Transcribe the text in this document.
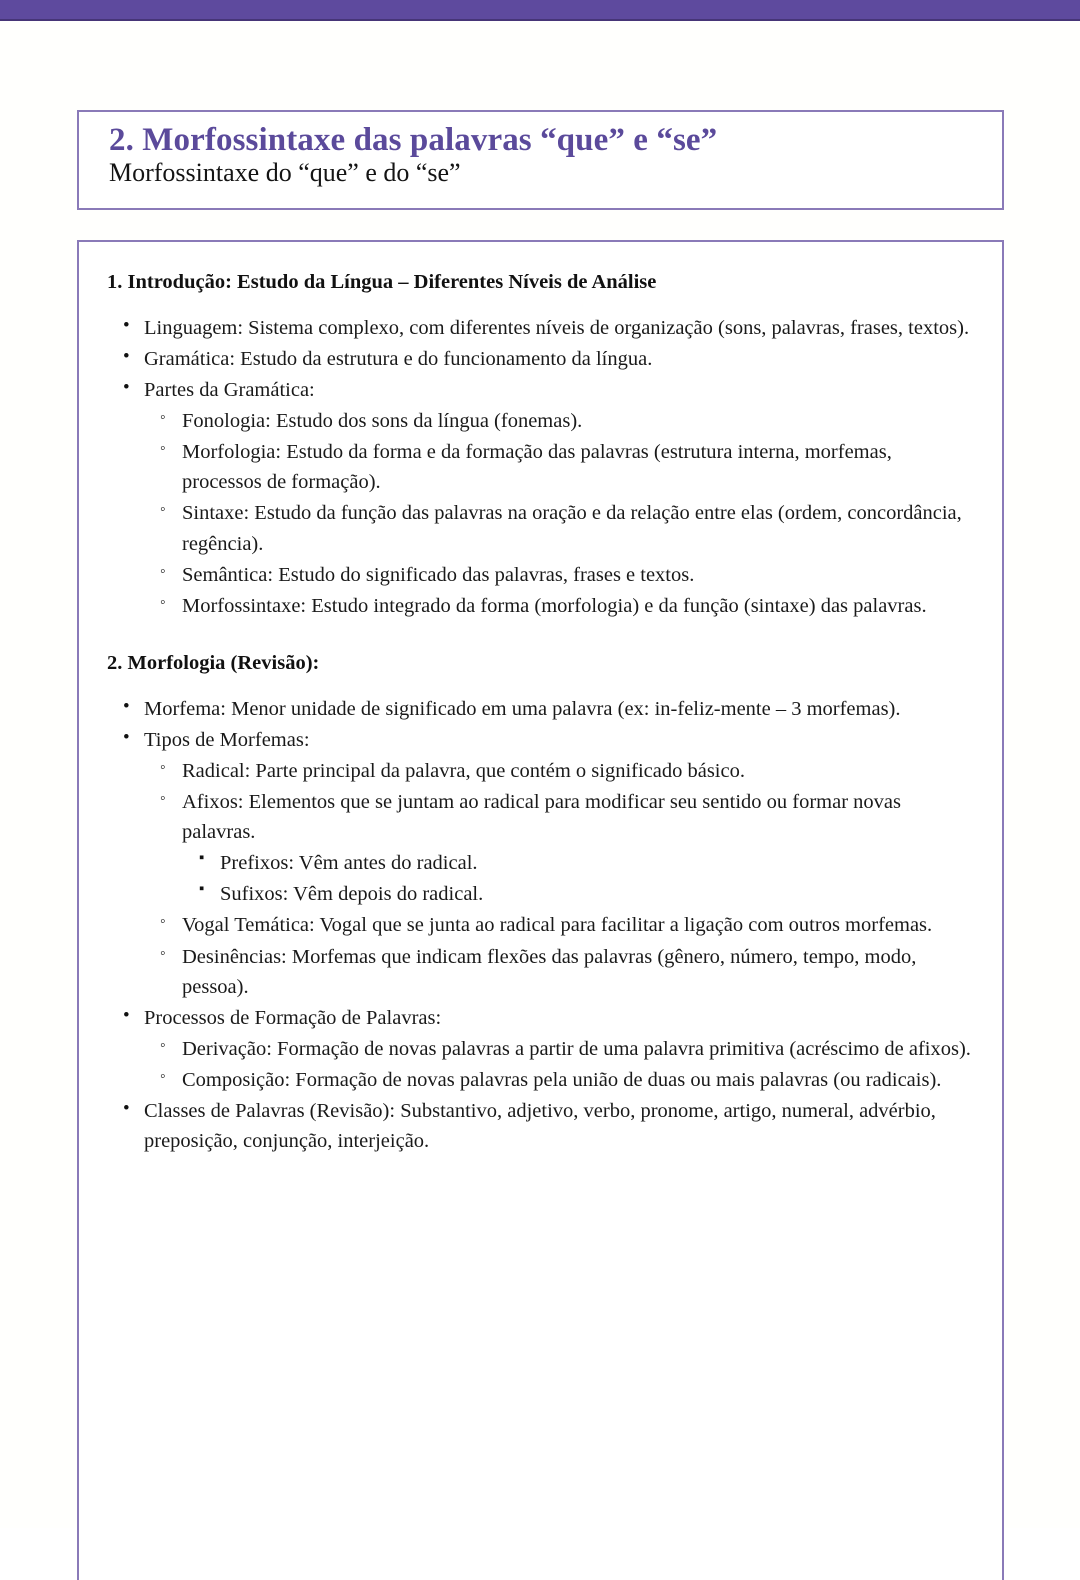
2. Morfossintaxe das palavras “que” e “se”
Morfossintaxe do “que” e do “se”
1. Introdução: Estudo da Língua – Diferentes Níveis de Análise
• Linguagem: Sistema complexo, com diferentes níveis de organização (sons, palavras, frases, textos).
• Gramática: Estudo da estrutura e do funcionamento da língua.
• Partes da Gramática:
◦ Fonologia: Estudo dos sons da língua (fonemas).
◦ Morfologia: Estudo da forma e da formação das palavras (estrutura interna, morfemas, processos de formação).
◦ Sintaxe: Estudo da função das palavras na oração e da relação entre elas (ordem, concordância, regência).
◦ Semântica: Estudo do significado das palavras, frases e textos.
◦ Morfossintaxe: Estudo integrado da forma (morfologia) e da função (sintaxe) das palavras.
2. Morfologia (Revisão):
• Morfema: Menor unidade de significado em uma palavra (ex: in-feliz-mente – 3 morfemas).
• Tipos de Morfemas:
◦ Radical: Parte principal da palavra, que contém o significado básico.
◦ Afixos: Elementos que se juntam ao radical para modificar seu sentido ou formar novas palavras.
▪ Prefixos: Vêm antes do radical.
▪ Sufixos: Vêm depois do radical.
◦ Vogal Temática: Vogal que se junta ao radical para facilitar a ligação com outros morfemas.
◦ Desinências: Morfemas que indicam flexões das palavras (gênero, número, tempo, modo, pessoa).
• Processos de Formação de Palavras:
◦ Derivação: Formação de novas palavras a partir de uma palavra primitiva (acréscimo de afixos).
◦ Composição: Formação de novas palavras pela união de duas ou mais palavras (ou radicais).
• Classes de Palavras (Revisão): Substantivo, adjetivo, verbo, pronome, artigo, numeral, advérbio, preposição, conjunção, interjeição.
